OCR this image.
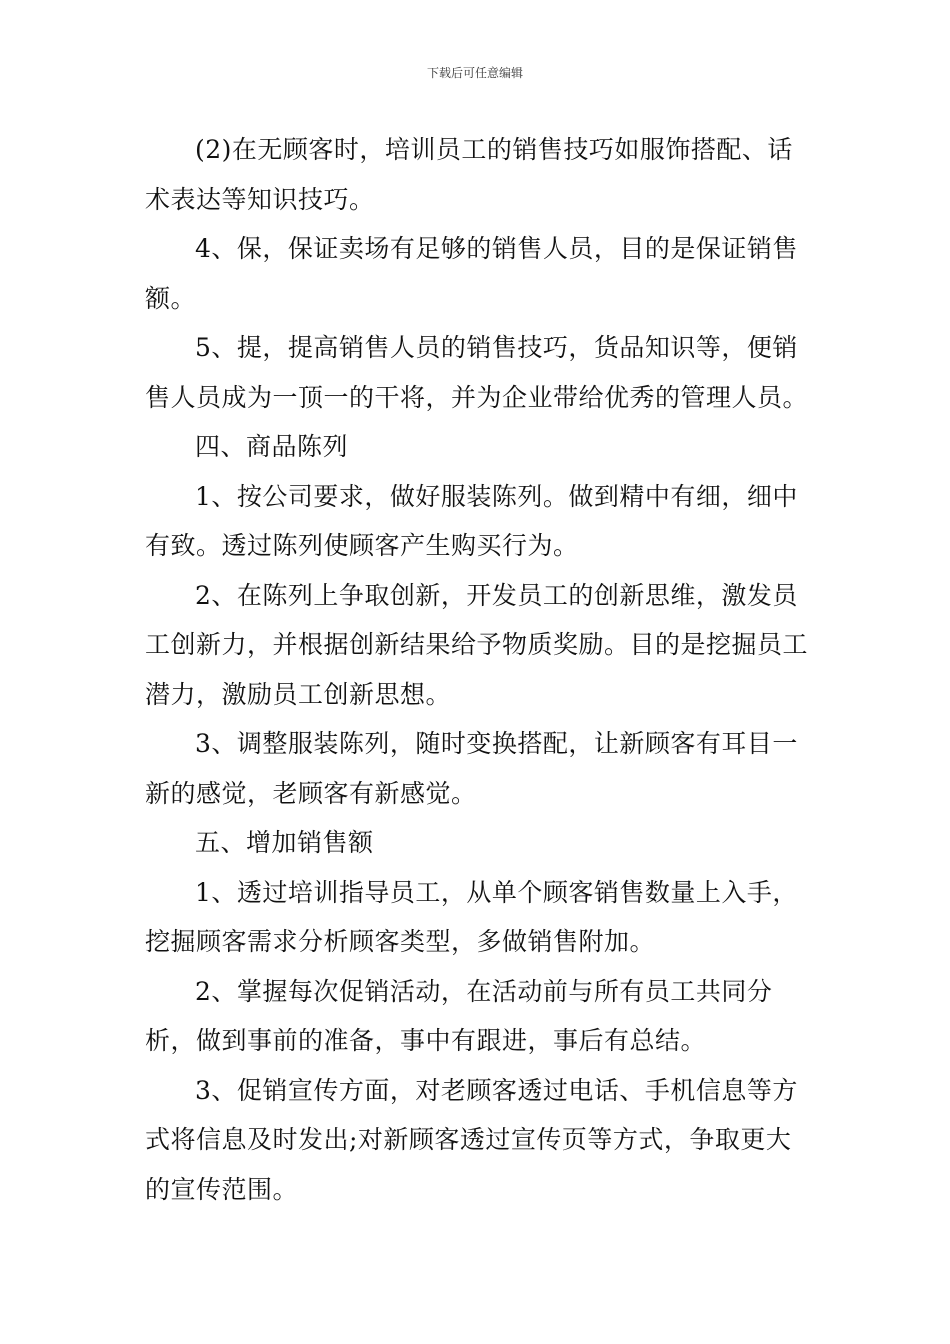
下载后可任意编辑

(2)在无顾客时，培训员工的销售技巧如服饰搭配、话术表达等知识技巧。

4、保，保证卖场有足够的销售人员，目的是保证销售额。

5、提，提高销售人员的销售技巧，货品知识等，便销售人员成为一顶一的干将，并为企业带给优秀的管理人员。

四、商品陈列

1、按公司要求，做好服装陈列。做到精中有细，细中有致。透过陈列使顾客产生购买行为。

2、在陈列上争取创新，开发员工的创新思维，激发员工创新力，并根据创新结果给予物质奖励。目的是挖掘员工潜力，激励员工创新思想。

3、调整服装陈列，随时变换搭配，让新顾客有耳目一新的感觉，老顾客有新感觉。

五、增加销售额

1、透过培训指导员工，从单个顾客销售数量上入手，挖掘顾客需求分析顾客类型，多做销售附加。

2、掌握每次促销活动，在活动前与所有员工共同分析，做到事前的准备，事中有跟进，事后有总结。

3、促销宣传方面，对老顾客透过电话、手机信息等方式将信息及时发出;对新顾客透过宣传页等方式，争取更大的宣传范围。
